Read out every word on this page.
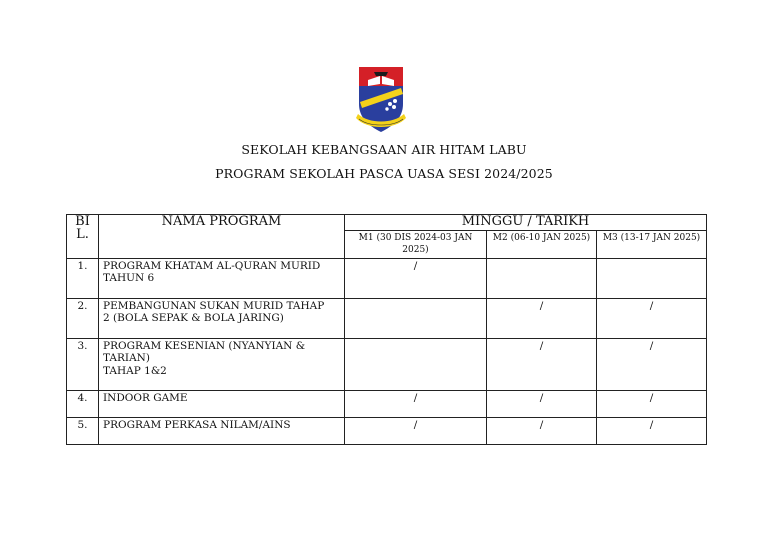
SEKOLAH KEBANGSAAN AIR HITAM LABU
PROGRAM SEKOLAH PASCA UASA SESI 2024/2025
BI
L.	NAMA PROGRAM	MINGGU / TARIKH		
		M1 (30 DIS 2024-03 JAN 2025)	M2 (06-10 JAN 2025)	M3 (13-17 JAN 2025)
1.	PROGRAM KHATAM AL-QURAN MURID
TAHUN 6	/		
2.	PEMBANGUNAN SUKAN MURID TAHAP
2 (BOLA SEPAK & BOLA JARING)		/	/
3.	PROGRAM KESENIAN (NYANYIAN &
TARIAN)
TAHAP 1&2		/	/
4.	INDOOR GAME	/	/	/
5.	PROGRAM PERKASA NILAM/AINS	/	/	/
